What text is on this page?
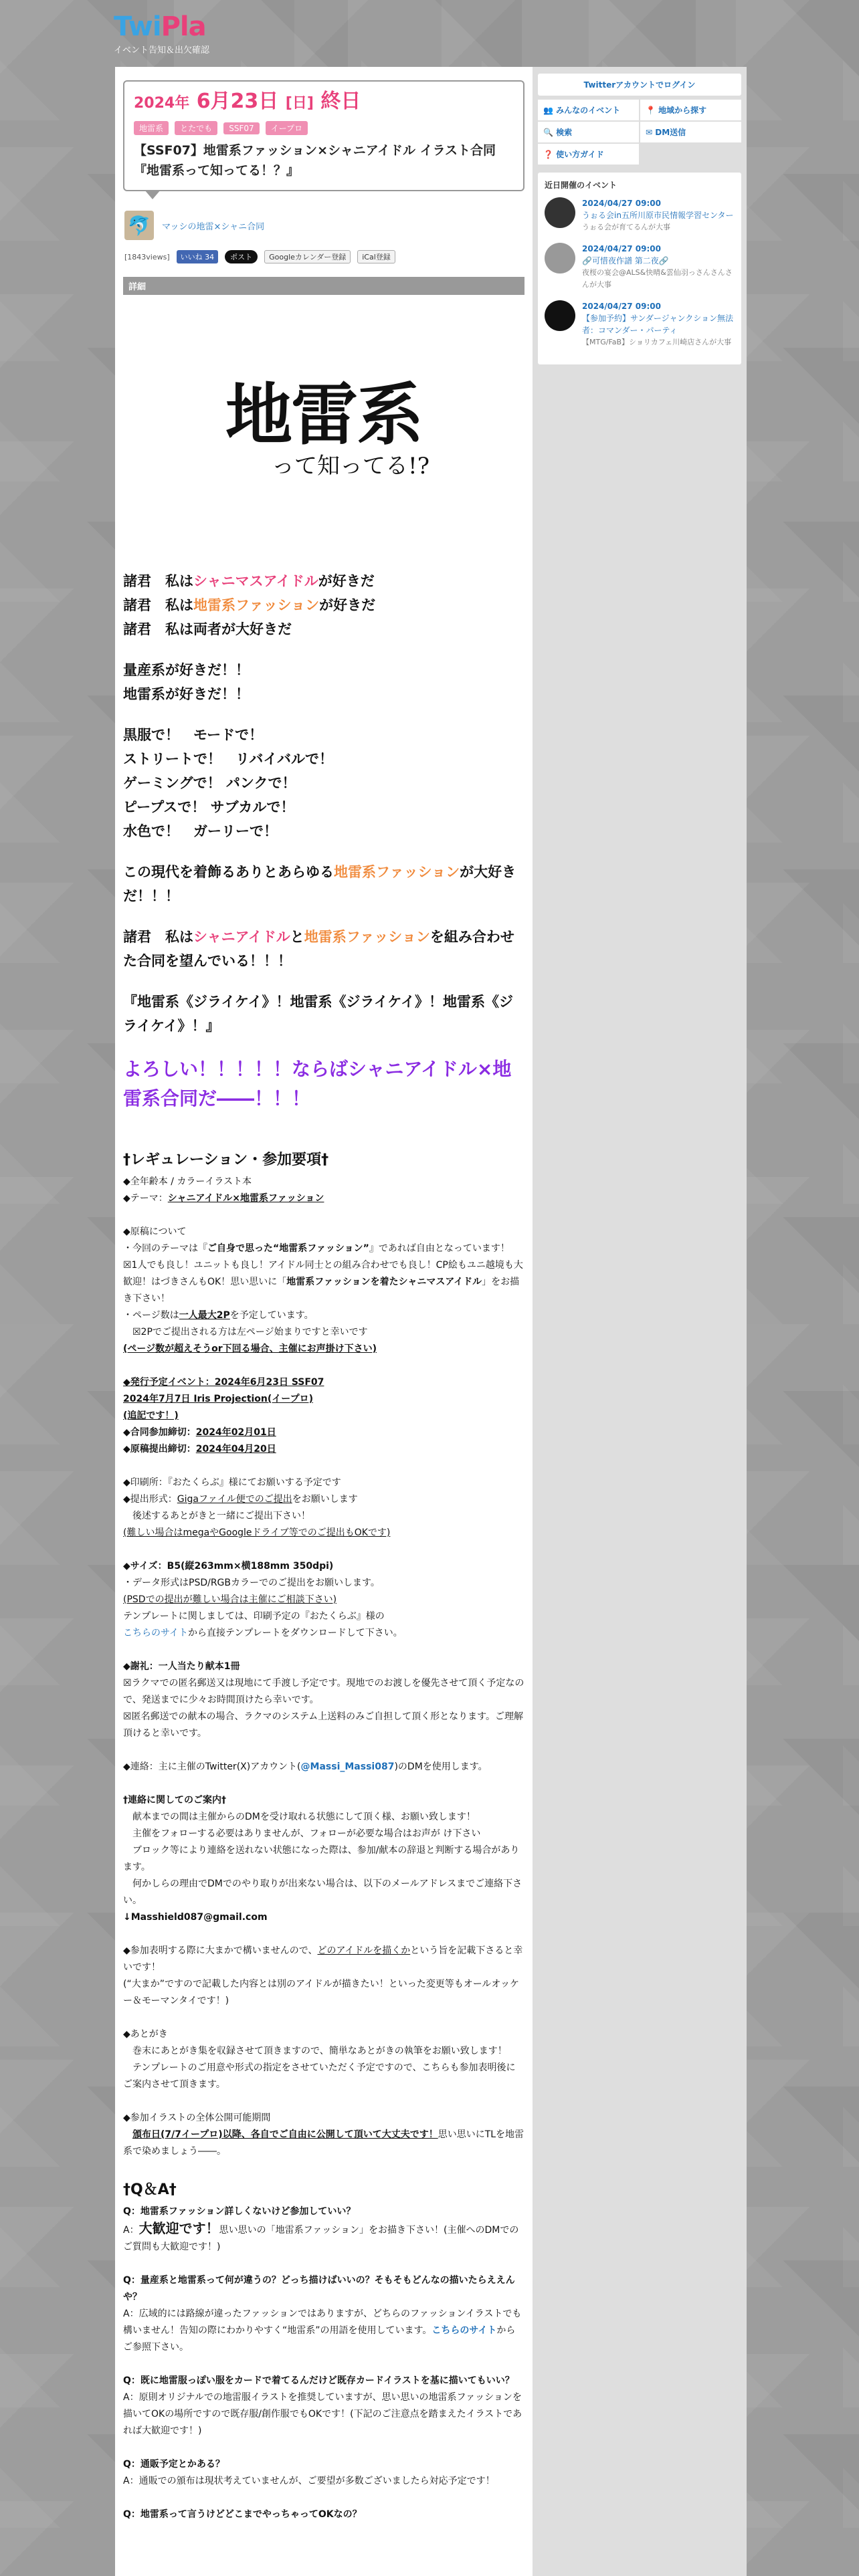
TwiPla
イベント告知＆出欠確認
2024年 6月23日 [日] 終日
地雷系 とたでも SSF07 イープロ
【SSF07】地雷系ファッション×シャニアイドル イラスト合同『地雷系って知ってる！？』
🐬	マッシの地雷×シャニ合同
[1843views]	いいね 34	ポスト	Googleカレンダー登録	iCal登録
詳細
地雷系
って知ってる!?

諸君　私はシャニマスアイドルが好きだ

諸君　私は地雷系ファッションが好きだ

諸君　私は両者が大好きだ

量産系が好きだ！！

地雷系が好きだ！！

黒服で！　モードで！

ストリートで！　リバイバルで！

ゲーミングで！ パンクで！

ピープスで！ サブカルで！

水色で！　ガーリーで！

この現代を着飾るありとあらゆる地雷系ファッションが大好きだ！！！

諸君　私はシャニアイドルと地雷系ファッションを組み合わせた合同を望んでいる！！！

『地雷系《ジライケイ》！地雷系《ジライケイ》！地雷系《ジライケイ》！』

よろしい！！！！！ならばシャニアイドル×地雷系合同だ――！！！

†レギュレーション・参加要項†

◆全年齢本 / カラーイラスト本

◆テーマ：シャニアイドル×地雷系ファッション

◆原稿について

・今回のテーマは『ご自身で思った“地雷系ファッション”』であれば自由となっています！

☒1人でも良し！ユニットも良し！アイドル同士との組み合わせでも良し！CP絵もユニ越境も大歓迎！はづきさんもOK！思い思いに「地雷系ファッションを着たシャニマスアイドル」をお描き下さい！

・ページ数は一人最大2Pを予定しています。

　☒2Pでご提出される方は左ページ始まりですと幸いです

(ページ数が超えそうor下回る場合、主催にお声掛け下さい)

◆発行予定イベント：2024年6月23日 SSF07

2024年7月7日 Iris Projection(イープロ)

(追記です！)

◆合同参加締切：2024年02月01日

◆原稿提出締切：2024年04月20日

◆印刷所：『おたくらぶ』様にてお願いする予定です

◆提出形式：Gigaファイル便でのご提出をお願いします

　後述するあとがきと一緒にご提出下さい！

(難しい場合はmegaやGoogleドライブ等でのご提出もOKです)

◆サイズ：B5(縦263mm×横188mm 350dpi)

・データ形式はPSD/RGBカラーでのご提出をお願いします。

(PSDでの提出が難しい場合は主催にご相談下さい)

テンプレートに関しましては、印刷予定の『おたくらぶ』様の

こちらのサイトから直接テンプレートをダウンロードして下さい。

◆謝礼：一人当たり献本1冊

☒ラクマでの匿名郵送又は現地にて手渡し予定です。現地でのお渡しを優先させて頂く予定なので、発送までに少々お時間頂けたら幸いです。

☒匿名郵送での献本の場合、ラクマのシステム上送料のみご自担して頂く形となります。ご理解頂けると幸いです。

◆連絡：主に主催のTwitter(X)アカウント(@Massi_Massi087)のDMを使用します。

†連絡に関してのご案内†

　献本までの間は主催からのDMを受け取れる状態にして頂く様、お願い致します！

　主催をフォローする必要はありませんが、フォローが必要な場合はお声が け下さい

　ブロック等により連絡を送れない状態になった際は、参加/献本の辞退と判断する場合があります。

　何かしらの理由でDMでのやり取りが出来ない場合は、以下のメールアドレスまでご連絡下さい。

↓Masshield087@gmail.com

◆参加表明する際に大まかで構いませんので、どのアイドルを描くかという旨を記載下さると幸いです！

(“大まか”ですので記載した内容とは別のアイドルが描きたい！といった変更等もオールオッケー＆モーマンタイです！)

◆あとがき

　巻末にあとがき集を収録させて頂きますので、簡単なあとがきの執筆をお願い致します！

　テンプレートのご用意や形式の指定をさせていただく予定ですので、こちらも参加表明後にご案内させて頂きます。

◆参加イラストの全体公開可能期間

　頒布日(7/7イープロ)以降、各自でご自由に公開して頂いて大丈夫です！思い思いにTLを地雷系で染めましょう――。

†Q＆A†

Q：地雷系ファッション詳しくないけど参加していい？

A：大歓迎です！思い思いの「地雷系ファッション」をお描き下さい！(主催へのDMでのご質問も大歓迎です！)

Q：量産系と地雷系って何が違うの？どっち描けばいいの？そもそもどんなの描いたらええんや？

A：広域的には路線が違ったファッションではありますが、どちらのファッションイラストでも構いません！告知の際にわかりやすく“地雷系”の用語を使用しています。こちらのサイトからご参照下さい。

Q：既に地雷服っぽい服をカードで着てるんだけど既存カードイラストを基に描いてもいい？

A：原則オリジナルでの地雷服イラストを推奨していますが、思い思いの地雷系ファッションを描いてOKの場所ですので既存服/創作服でもOKです！(下記のご注意点を踏まえたイラストであれば大歓迎です！)

Q：通販予定とかある？

A：通販での頒布は現状考えていませんが、ご要望が多数ございましたら対応予定です！

Q：地雷系って言うけどどこまでやっちゃってOKなの？

Twitterアカウントでログイン
👥 みんなのイベント	📍 地域から探す
🔍 検索	✉ DM送信
❓ 使い方ガイド
近日開催のイベント
2024/04/27 09:00
うぉる会in五所川原市民情報学習センター
うぉる会が育てるんが大事
2024/04/27 09:00
🔗可惜夜作譜 第二夜🔗
夜桜の宴会@ALS&快晴&雲仙羽っさんさんさんが大事
2024/04/27 09:00
【参加予約】サンダージャンクション無法者：コマンダー・パーティ
【MTG/FaB】ショリカフェ川崎店さんが大事
